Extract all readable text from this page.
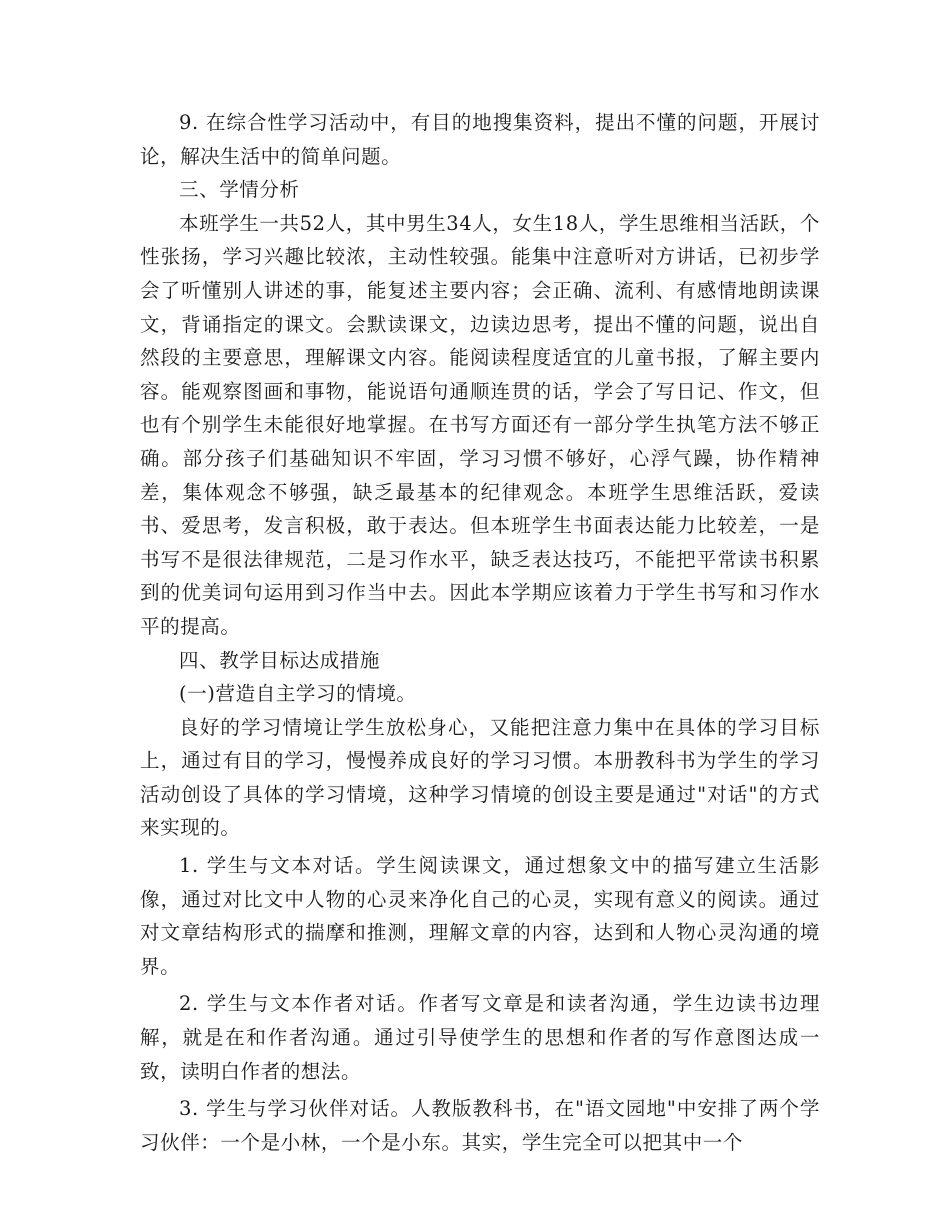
9. 在综合性学习活动中，有目的地搜集资料，提出不懂的问题，开展讨论，解决生活中的简单问题。

三、学情分析

本班学生一共52人，其中男生34人，女生18人，学生思维相当活跃，个性张扬，学习兴趣比较浓，主动性较强。能集中注意听对方讲话，已初步学会了听懂别人讲述的事，能复述主要内容；会正确、流利、有感情地朗读课文，背诵指定的课文。会默读课文，边读边思考，提出不懂的问题，说出自然段的主要意思，理解课文内容。能阅读程度适宜的儿童书报，了解主要内容。能观察图画和事物，能说语句通顺连贯的话，学会了写日记、作文，但也有个别学生未能很好地掌握。在书写方面还有一部分学生执笔方法不够正确。部分孩子们基础知识不牢固，学习习惯不够好，心浮气躁，协作精神差，集体观念不够强，缺乏最基本的纪律观念。本班学生思维活跃，爱读书、爱思考，发言积极，敢于表达。但本班学生书面表达能力比较差，一是书写不是很法律规范，二是习作水平，缺乏表达技巧，不能把平常读书积累到的优美词句运用到习作当中去。因此本学期应该着力于学生书写和习作水平的提高。

四、教学目标达成措施

(一)营造自主学习的情境。

良好的学习情境让学生放松身心，又能把注意力集中在具体的学习目标上，通过有目的学习，慢慢养成良好的学习习惯。本册教科书为学生的学习活动创设了具体的学习情境，这种学习情境的创设主要是通过"对话"的方式来实现的。

1. 学生与文本对话。学生阅读课文，通过想象文中的描写建立生活影像，通过对比文中人物的心灵来净化自己的心灵，实现有意义的阅读。通过对文章结构形式的揣摩和推测，理解文章的内容，达到和人物心灵沟通的境界。

2. 学生与文本作者对话。作者写文章是和读者沟通，学生边读书边理解，就是在和作者沟通。通过引导使学生的思想和作者的写作意图达成一致，读明白作者的想法。

3. 学生与学习伙伴对话。人教版教科书，在"语文园地"中安排了两个学习伙伴：一个是小林，一个是小东。其实，学生完全可以把其中一个
